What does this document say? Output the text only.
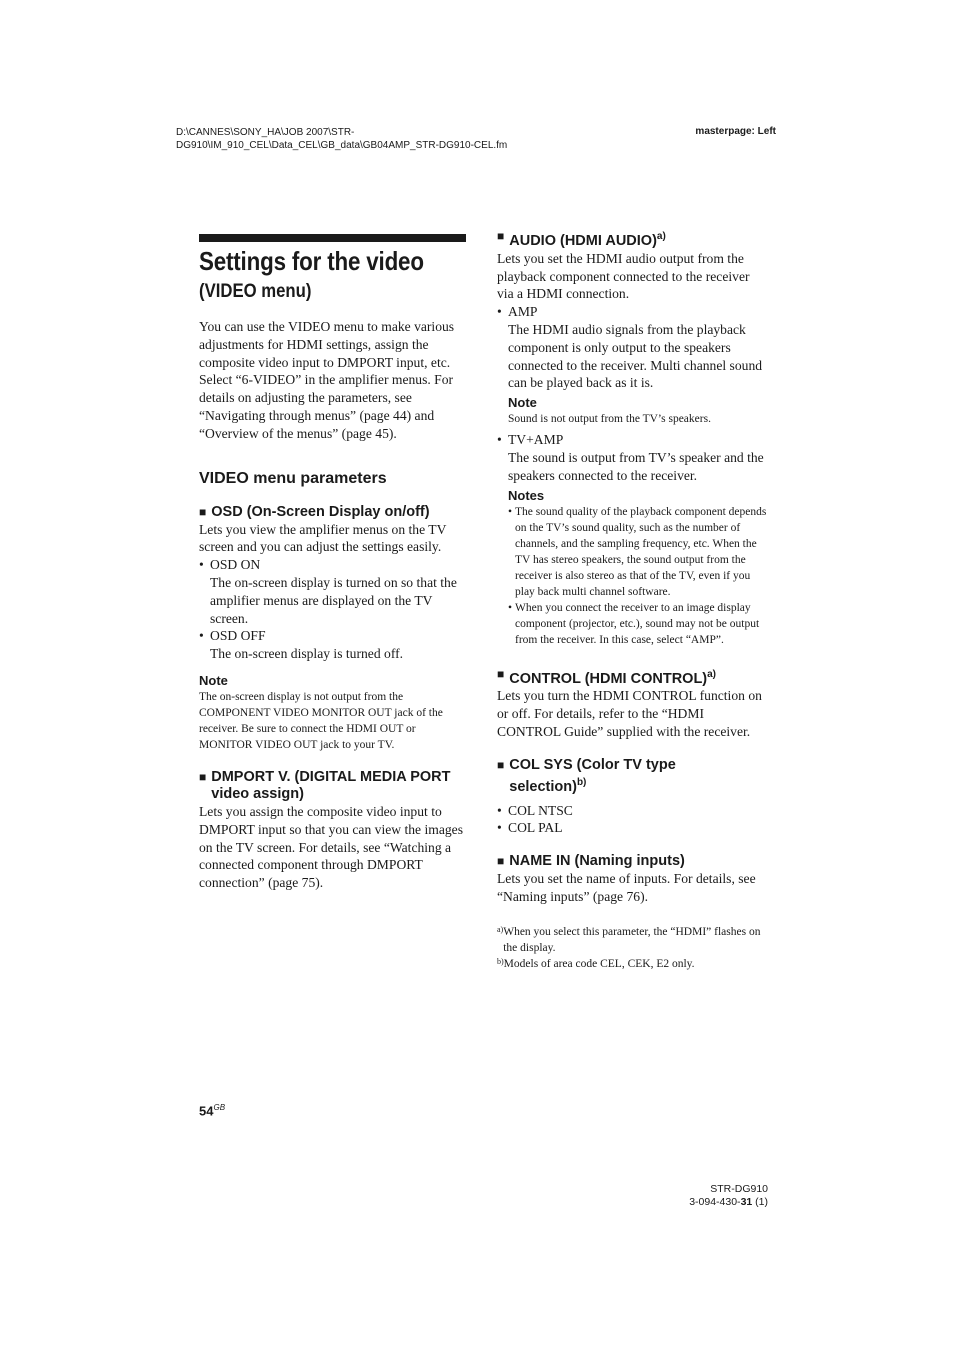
D:\CANNES\SONY_HA\JOB 2007\STR-
DG910\IM_910_CEL\Data_CEL\GB_data\GB04AMP_STR-DG910-CEL.fm
masterpage: Left
Settings for the video
(VIDEO menu)

You can use the VIDEO menu to make various adjustments for HDMI settings, assign the composite video input to DMPORT input, etc. Select “6-VIDEO” in the amplifier menus. For details on adjusting the parameters, see “Navigating through menus” (page 44) and “Overview of the menus” (page 45).

VIDEO menu parameters
■ OSD (On-Screen Display on/off)

Lets you view the amplifier menus on the TV screen and you can adjust the settings easily.

• OSD ON

The on-screen display is turned on so that the amplifier menus are displayed on the TV screen.

• OSD OFF

The on-screen display is turned off.

Note

The on-screen display is not output from the COMPONENT VIDEO MONITOR OUT jack of the receiver. Be sure to connect the HDMI OUT or MONITOR VIDEO OUT jack to your TV.

■ DMPORT V. (DIGITAL MEDIA PORT video assign)

Lets you assign the composite video input to DMPORT input so that you can view the images on the TV screen. For details, see “Watching a connected component through DMPORT connection” (page 75).

■ AUDIO (HDMI AUDIO)$^{a)}$

Lets you set the HDMI audio output from the playback component connected to the receiver via a HDMI connection.

• AMP

The HDMI audio signals from the playback component is only output to the speakers connected to the receiver. Multi channel sound can be played back as it is.

Note

Sound is not output from the TV’s speakers.

• TV+AMP

The sound is output from TV’s speaker and the speakers connected to the receiver.

Notes
• The sound quality of the playback component depends on the TV’s sound quality, such as the number of channels, and the sampling frequency, etc. When the TV has stereo speakers, the sound output from the receiver is also stereo as that of the TV, even if you play back multi channel software.
• When you connect the receiver to an image display component (projector, etc.), sound may not be output from the receiver. In this case, select “AMP”.
■ CONTROL (HDMI CONTROL)$^{a)}$

Lets you turn the HDMI CONTROL function on or off. For details, refer to the “HDMI CONTROL Guide” supplied with the receiver.

■ COL SYS (Color TV type selection)$^{b)}$
• COL NTSC
• COL PAL
■ NAME IN (Naming inputs)

Lets you set the name of inputs. For details, see “Naming inputs” (page 76).

a) When you select this parameter, the “HDMI” flashes on the display.
b) Models of area code CEL, CEK, E2 only.
$54^{GB}$
STR-DG910
3-094-430-31 (1)
